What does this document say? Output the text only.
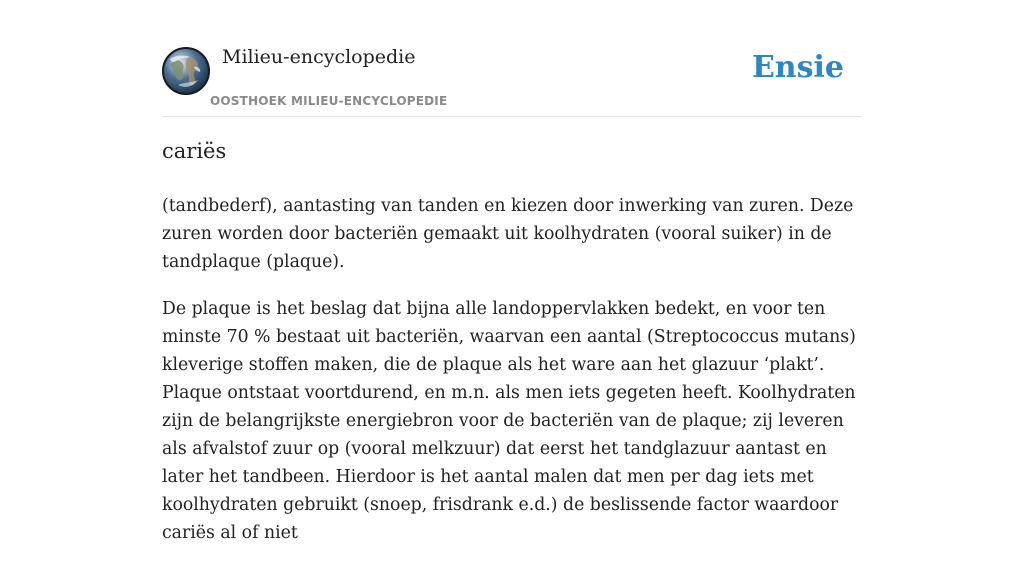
Milieu-encyclopedie
OOSTHOEK MILIEU-ENCYCLOPEDIE
Ensie
cariës

(tandbederf), aantasting van tanden en kiezen door inwerking van zuren. Deze zuren worden door bacteriën gemaakt uit koolhydraten (vooral suiker) in de tandplaque (plaque).

De plaque is het beslag dat bijna alle landoppervlakken bedekt, en voor ten minste 70 % bestaat uit bacteriën, waarvan een aantal (Streptococcus mutans) kleverige stoffen maken, die de plaque als het ware aan het glazuur ‘plakt’. Plaque ontstaat voortdurend, en m.n. als men iets gegeten heeft. Koolhydraten zijn de belangrijkste energiebron voor de bacteriën van de plaque; zij leveren als afvalstof zuur op (vooral melkzuur) dat eerst het tandglazuur aantast en later het tandbeen. Hierdoor is het aantal malen dat men per dag iets met koolhydraten gebruikt (snoep, frisdrank e.d.) de beslissende factor waardoor cariës al of niet
